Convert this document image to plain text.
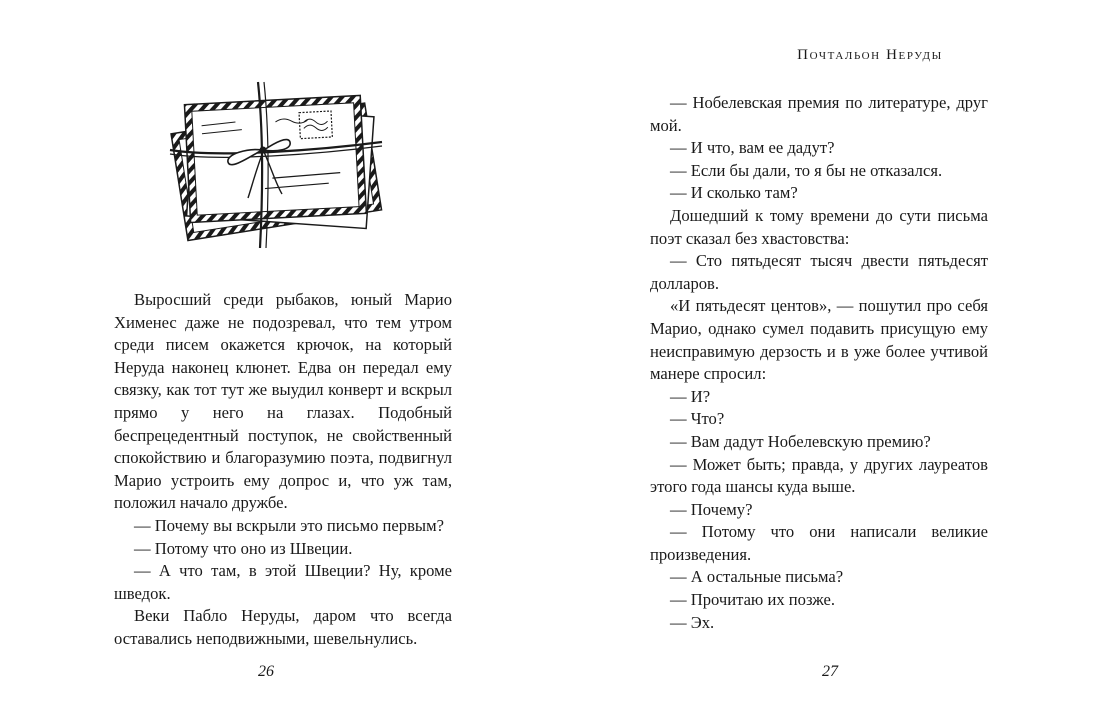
Выросший среди рыбаков, юный Марио Хименес даже не подозревал, что тем утром среди писем окажется крючок, на который Неруда наконец клюнет. Едва он передал ему связку, как тот тут же выудил конверт и вскрыл прямо у него на глазах. Подобный беспрецедентный поступок, не свойственный спокойствию и благоразумию поэта, подвигнул Марио устроить ему допрос и, что уж там, положил начало дружбе.

— Почему вы вскрыли это письмо первым?

— Потому что оно из Швеции.

— А что там, в этой Швеции? Ну, кроме шведок.

Веки Пабло Неруды, даром что всегда оставались неподвижными, шевельнулись.

26
Почтальон Неруды

— Нобелевская премия по литературе, друг мой.

— И что, вам ее дадут?

— Если бы дали, то я бы не отказался.

— И сколько там?

Дошедший к тому времени до сути письма поэт сказал без хвастовства:

— Сто пятьдесят тысяч двести пятьдесят долларов.

«И пятьдесят центов», — пошутил про себя Марио, однако сумел подавить присущую ему неисправимую дерзость и в уже более учтивой манере спросил:

— И?

— Что?

— Вам дадут Нобелевскую премию?

— Может быть; правда, у других лауреатов этого года шансы куда выше.

— Почему?

— Потому что они написали великие произведения.

— А остальные письма?

— Прочитаю их позже.

— Эх.

27
